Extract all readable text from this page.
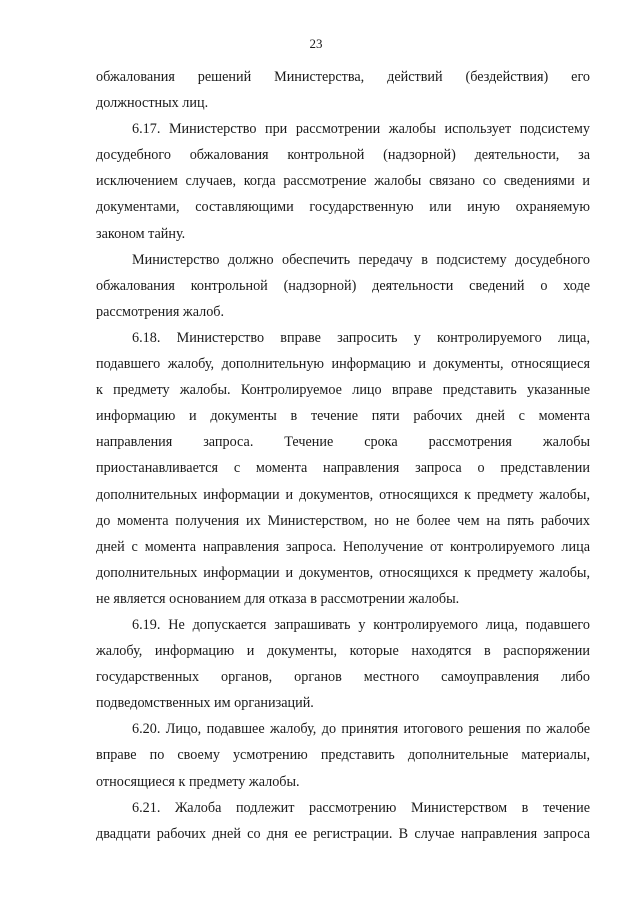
23

обжалования решений Министерства, действий (бездействия) его
должностных лиц.

6.17. Министерство при рассмотрении жалобы использует подсистему
досудебного обжалования контрольной (надзорной) деятельности, за
исключением случаев, когда рассмотрение жалобы связано со сведениями и
документами, составляющими государственную или иную охраняемую
законом тайну.

Министерство должно обеспечить передачу в подсистему досудебного
обжалования контрольной (надзорной) деятельности сведений о ходе
рассмотрения жалоб.

6.18. Министерство вправе запросить у контролируемого лица,
подавшего жалобу, дополнительную информацию и документы, относящиеся
к предмету жалобы. Контролируемое лицо вправе представить указанные
информацию и документы в течение пяти рабочих дней с момента
направления запроса. Течение срока рассмотрения жалобы
приостанавливается с момента направления запроса о представлении
дополнительных информации и документов, относящихся к предмету жалобы,
до момента получения их Министерством, но не более чем на пять рабочих
дней с момента направления запроса. Неполучение от контролируемого лица
дополнительных информации и документов, относящихся к предмету жалобы,
не является основанием для отказа в рассмотрении жалобы.

6.19. Не допускается запрашивать у контролируемого лица, подавшего
жалобу, информацию и документы, которые находятся в распоряжении
государственных органов, органов местного самоуправления либо
подведомственных им организаций.

6.20. Лицо, подавшее жалобу, до принятия итогового решения по жалобе
вправе по своему усмотрению представить дополнительные материалы,
относящиеся к предмету жалобы.

6.21. Жалоба подлежит рассмотрению Министерством в течение
двадцати рабочих дней со дня ее регистрации. В случае направления запроса
